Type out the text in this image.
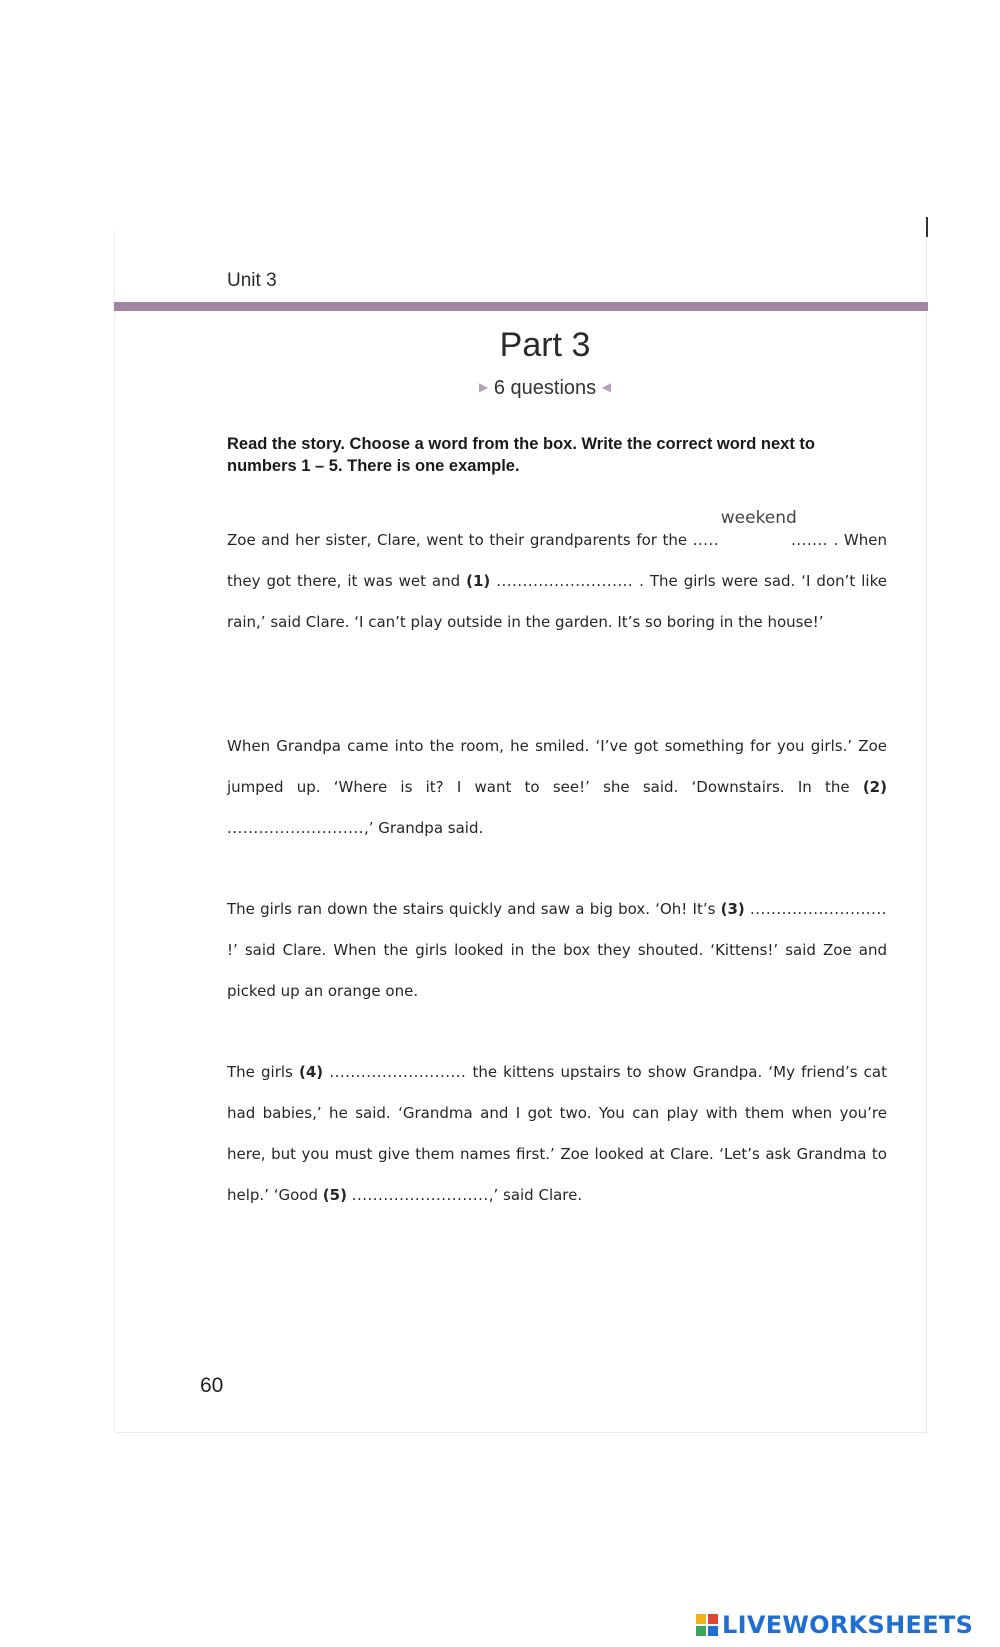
Unit 3
Part 3
▶ 6 questions ◀
Read the story. Choose a word from the box. Write the correct word next to numbers 1 – 5. There is one example.
Zoe and her sister, Clare, went to their grandparents for the .....
weekend
....... . When they got there, it was wet and (1) .......................... . The girls were sad. ‘I don’t like rain,’ said Clare. ‘I can’t play outside in the garden. It’s so boring in the house!’
When Grandpa came into the room, he smiled. ‘I’ve got something for you girls.’ Zoe jumped up. ‘Where is it? I want to see!’ she said. ‘Downstairs. In the (2) ..........................,’ Grandpa said.
The girls ran down the stairs quickly and saw a big box. ‘Oh! It’s (3) .......................... !’ said Clare. When the girls looked in the box they shouted. ‘Kittens!’ said Zoe and picked up an orange one.
The girls (4) .......................... the kittens upstairs to show Grandpa. ‘My friend’s cat had babies,’ he said. ‘Grandma and I got two. You can play with them when you’re here, but you must give them names first.’ Zoe looked at Clare. ‘Let’s ask Grandma to help.’ ‘Good (5) ..........................,’ said Clare.
60
LIVEWORKSHEETS
